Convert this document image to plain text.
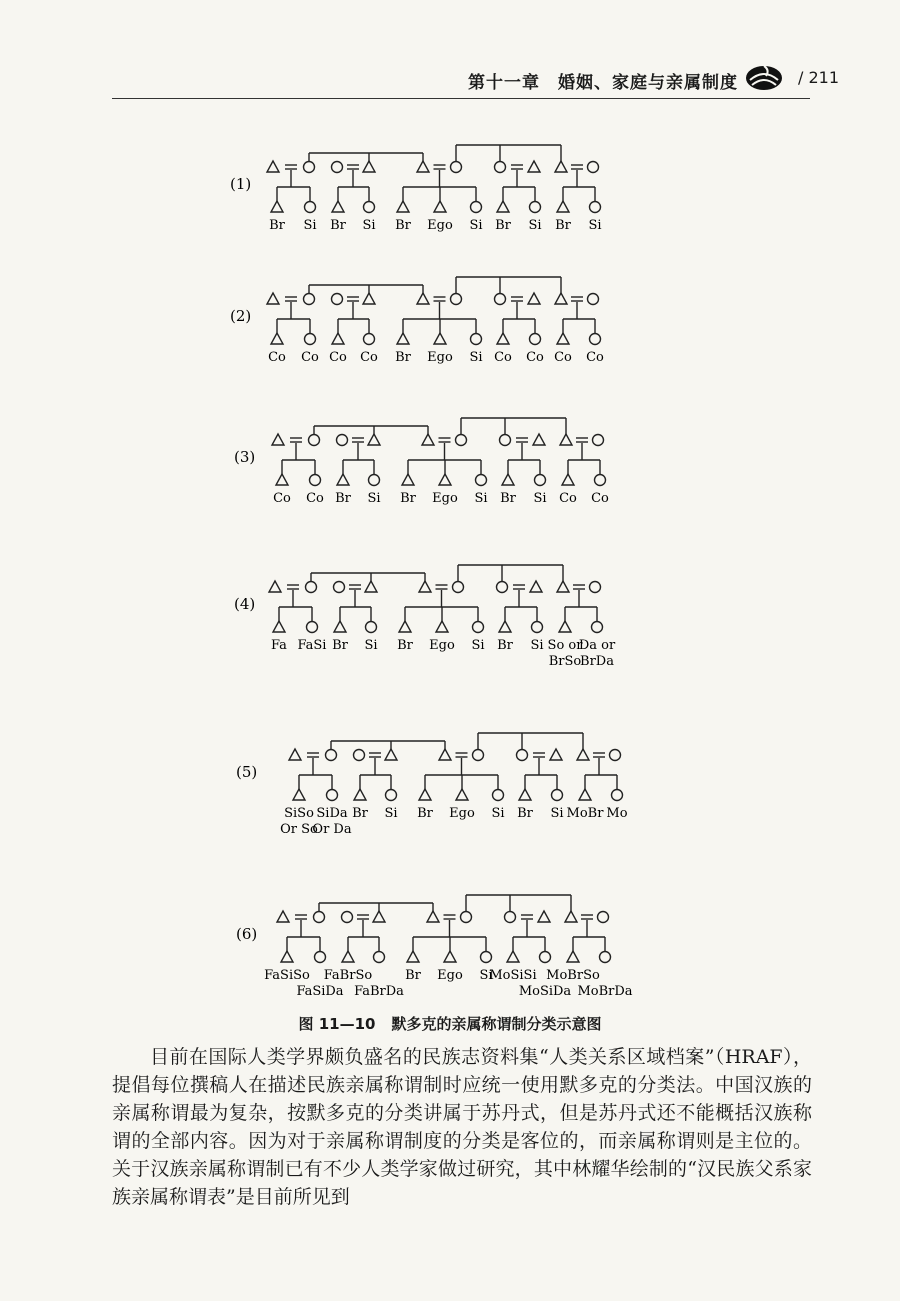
第十一章　婚姻、家庭与亲属制度	/ 211
(1)
Br Si Br Si Br Ego Si Br Si Br Si
(2)
Co Co Co Co Br Ego Si Co Co Co Co
(3)
Co Co Br Si Br Ego Si Br Si Co Co
(4)
Fa FaSi Br Si Br Ego Si Br Si So or
BrSo
Da or
BrDa
(5)
SiSo
Or So
SiDa
Or Da
Br Si Br Ego Si Br Si MoBr Mo
(6)
FaSiSo
FaSiDa
FaBrSo
FaBrDa
Br Ego Si
MoSiSi
MoSiDa
MoBrSo
MoBrDa
图 11—10 默多克的亲属称谓制分类示意图

目前在国际人类学界颇负盛名的民族志资料集“人类关系区域档案”（HRAF），提倡每位撰稿人在描述民族亲属称谓制时应统一使用默多克的分类法。中国汉族的亲属称谓最为复杂，按默多克的分类讲属于苏丹式，但是苏丹式还不能概括汉族称谓的全部内容。因为对于亲属称谓制度的分类是客位的，而亲属称谓则是主位的。关于汉族亲属称谓制已有不少人类学家做过研究，其中林耀华绘制的“汉民族父系家族亲属称谓表”是目前所见到
